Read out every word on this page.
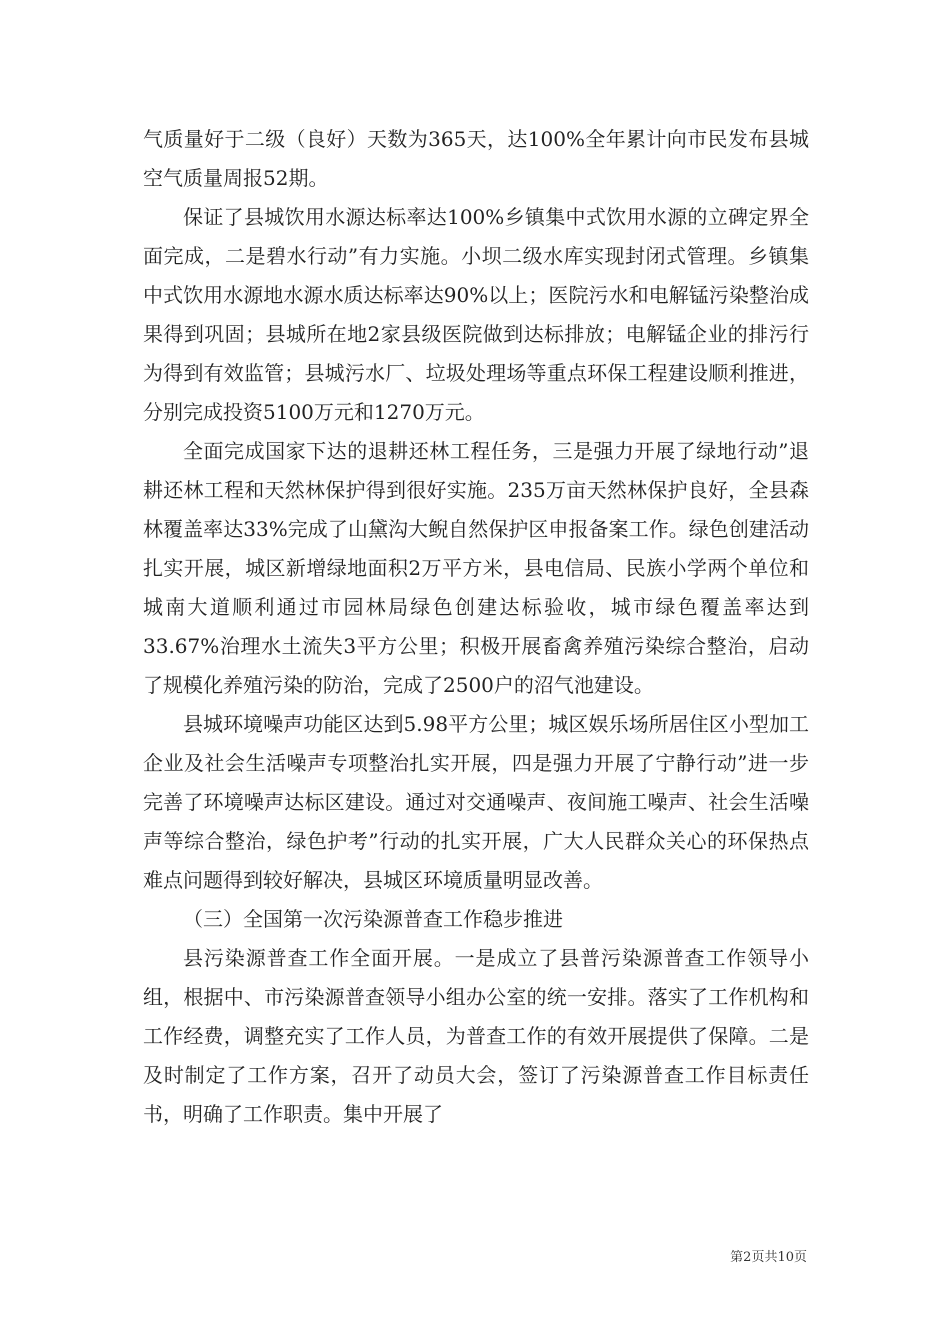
气质量好于二级（良好）天数为365天，达100%全年累计向市民发布县城空气质量周报52期。

保证了县城饮用水源达标率达100%乡镇集中式饮用水源的立碑定界全面完成，二是碧水行动”有力实施。小坝二级水库实现封闭式管理。乡镇集中式饮用水源地水源水质达标率达90%以上；医院污水和电解锰污染整治成果得到巩固；县城所在地2家县级医院做到达标排放；电解锰企业的排污行为得到有效监管；县城污水厂、垃圾处理场等重点环保工程建设顺利推进，分别完成投资5100万元和1270万元。

全面完成国家下达的退耕还林工程任务，三是强力开展了绿地行动”退耕还林工程和天然林保护得到很好实施。235万亩天然林保护良好，全县森林覆盖率达33%完成了山黛沟大鲵自然保护区申报备案工作。绿色创建活动扎实开展，城区新增绿地面积2万平方米，县电信局、民族小学两个单位和城南大道顺利通过市园林局绿色创建达标验收，城市绿色覆盖率达到33.67%治理水土流失3平方公里；积极开展畜禽养殖污染综合整治，启动了规模化养殖污染的防治，完成了2500户的沼气池建设。

县城环境噪声功能区达到5.98平方公里；城区娱乐场所居住区小型加工企业及社会生活噪声专项整治扎实开展，四是强力开展了宁静行动”进一步完善了环境噪声达标区建设。通过对交通噪声、夜间施工噪声、社会生活噪声等综合整治，绿色护考”行动的扎实开展，广大人民群众关心的环保热点难点问题得到较好解决，县城区环境质量明显改善。

（三）全国第一次污染源普查工作稳步推进

县污染源普查工作全面开展。一是成立了县普污染源普查工作领导小组，根据中、市污染源普查领导小组办公室的统一安排。落实了工作机构和工作经费，调整充实了工作人员，为普查工作的有效开展提供了保障。二是及时制定了工作方案，召开了动员大会，签订了污染源普查工作目标责任书，明确了工作职责。集中开展了

第2页共10页
